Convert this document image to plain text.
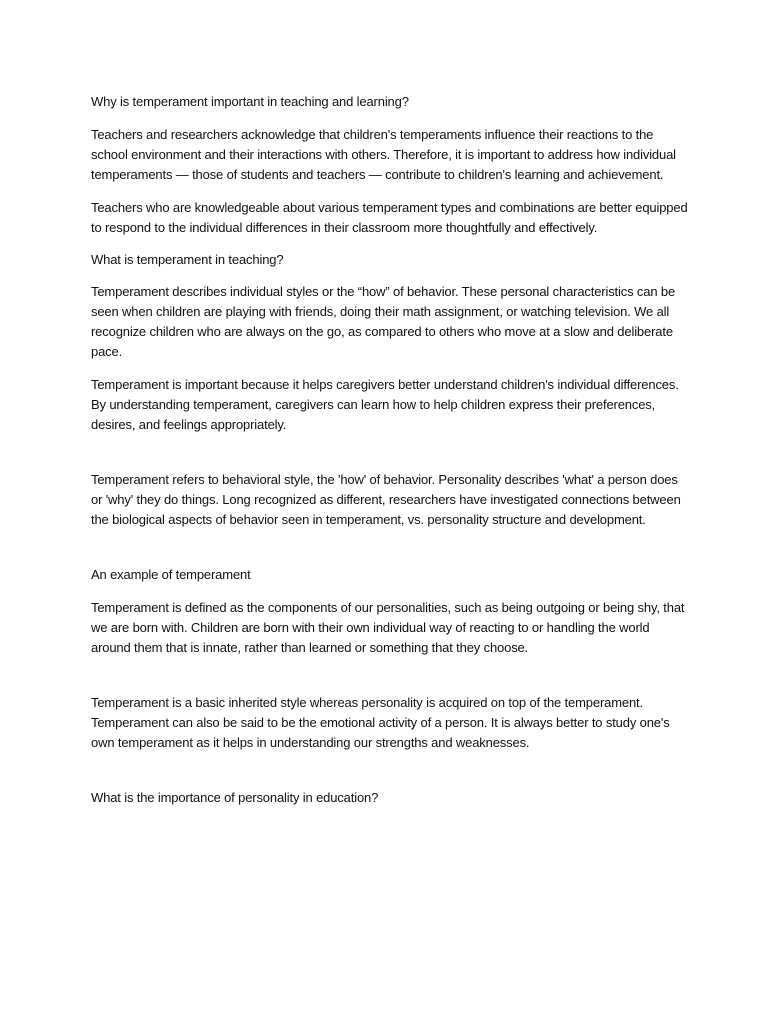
Why is temperament important in teaching and learning?

Teachers and researchers acknowledge that children's temperaments influence their reactions to the school environment and their interactions with others. Therefore, it is important to address how individual temperaments — those of students and teachers — contribute to children's learning and achievement.

Teachers who are knowledgeable about various temperament types and combinations are better equipped to respond to the individual differences in their classroom more thoughtfully and effectively.

What is temperament in teaching?

Temperament describes individual styles or the “how” of behavior. These personal characteristics can be seen when children are playing with friends, doing their math assignment, or watching television. We all recognize children who are always on the go, as compared to others who move at a slow and deliberate pace.

Temperament is important because it helps caregivers better understand children's individual differences. By understanding temperament, caregivers can learn how to help children express their preferences, desires, and feelings appropriately.

Temperament refers to behavioral style, the 'how' of behavior. Personality describes 'what' a person does or 'why' they do things. Long recognized as different, researchers have investigated connections between the biological aspects of behavior seen in temperament, vs. personality structure and development.

An example of temperament

Temperament is defined as the components of our personalities, such as being outgoing or being shy, that we are born with. Children are born with their own individual way of reacting to or handling the world around them that is innate, rather than learned or something that they choose.

Temperament is a basic inherited style whereas personality is acquired on top of the temperament. Temperament can also be said to be the emotional activity of a person. It is always better to study one's own temperament as it helps in understanding our strengths and weaknesses.

What is the importance of personality in education?
